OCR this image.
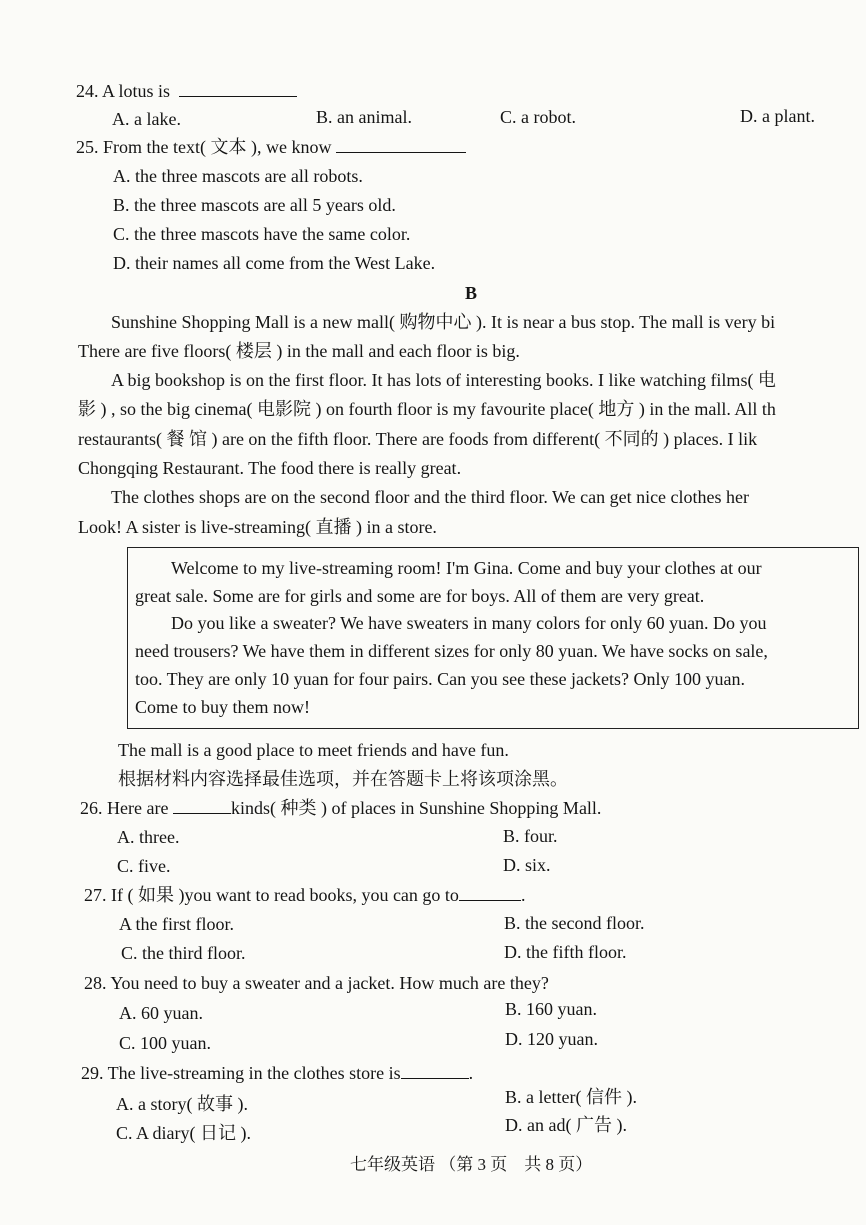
24. A lotus is
A. a lake.	B. an animal.	C. a robot.	D. a plant.
25. From the text( 文本 ), we know
A. the three mascots are all robots.
B. the three mascots are all 5 years old.
C. the three mascots have the same color.
D. their names all come from the West Lake.
B
Sunshine Shopping Mall is a new mall( 购物中心 ). It is near a bus stop. The mall is very bi
There are five floors( 楼层 ) in the mall and each floor is big.
A big bookshop is on the first floor. It has lots of interesting books. I like watching films( 电
影 ) , so the big cinema( 电影院 ) on fourth floor is my favourite place( 地方 ) in the mall. All th
restaurants( 餐 馆 ) are on the fifth floor. There are foods from different( 不同的 ) places. I lik
Chongqing Restaurant. The food there is really great.
The clothes shops are on the second floor and the third floor. We can get nice clothes her
Look! A sister is live-streaming( 直播 ) in a store.
Welcome to my live-streaming room! I'm Gina. Come and buy your clothes at our
great sale. Some are for girls and some are for boys. All of them are very great.
Do you like a sweater? We have sweaters in many colors for only 60 yuan. Do you
need trousers? We have them in different sizes for only 80 yuan. We have socks on sale,
too. They are only 10 yuan for four pairs. Can you see these jackets? Only 100 yuan.
Come to buy them now!
The mall is a good place to meet friends and have fun.
根据材料内容选择最佳选项，并在答题卡上将该项涂黑。
26. Here are	kinds( 种类 ) of places in Sunshine Shopping Mall.
A. three.	B. four.
C. five.	D. six.
27. If ( 如果 )you want to read books, you can go to	.
A the first floor.	B. the second floor.
C. the third floor.	D. the fifth floor.
28. You need to buy a sweater and a jacket. How much are they?
A. 60 yuan.	B. 160 yuan.
C. 100 yuan.	D. 120 yuan.
29. The live-streaming in the clothes store is	.
A. a story( 故事 ).	B. a letter( 信件 ).
C. A diary( 日记 ).	D. an ad( 广告 ).
七年级英语 （第 3 页　共 8 页）
